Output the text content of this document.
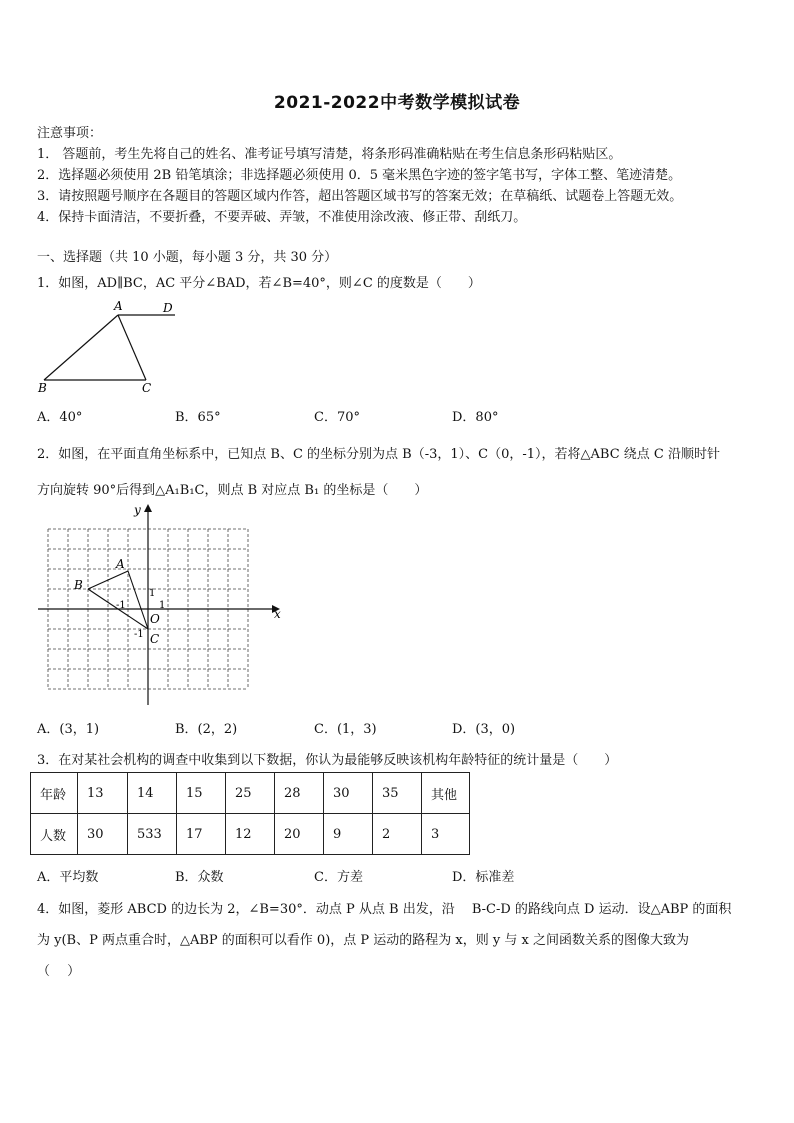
2021-2022中考数学模拟试卷
注意事项：
1． 答题前，考生先将自己的姓名、准考证号填写清楚，将条形码准确粘贴在考生信息条形码粘贴区。
2．选择题必须使用 2B 铅笔填涂；非选择题必须使用 0．5 毫米黑色字迹的签字笔书写，字体工整、笔迹清楚。
3．请按照题号顺序在各题目的答题区域内作答，超出答题区域书写的答案无效；在草稿纸、试题卷上答题无效。
4．保持卡面清洁，不要折叠，不要弄破、弄皱，不准使用涂改液、修正带、刮纸刀。
一、选择题（共 10 小题，每小题 3 分，共 30 分）
1．如图，AD∥BC，AC 平分∠BAD，若∠B=40°，则∠C 的度数是（　　）
A	D
B	C
A．40°	B．65°	C．70°	D．80°
2．如图，在平面直角坐标系中，已知点 B、C 的坐标分别为点 B（-3，1）、C（0，-1），若将△ABC 绕点 C 沿顺时针
方向旋转 90°后得到△A₁B₁C，则点 B 对应点 B₁ 的坐标是（　　）
x
y
O
A
B
C
-1	1
1
-1
A．(3，1)	B．(2，2)	C．(1，3)	D．(3，0)
3．在对某社会机构的调查中收集到以下数据，你认为最能够反映该机构年龄特征的统计量是（　　）
年龄	13	14	15	25	28	30	35	其他
人数	30	533	17	12	20	9	2	3
A．平均数	B．众数	C．方差	D．标准差
4．如图，菱形 ABCD 的边长为 2，∠B=30°．动点 P 从点 B 出发，沿　 B-C-D 的路线向点 D 运动．设△ABP 的面积
为 y(B、P 两点重合时，△ABP 的面积可以看作 0)，点 P 运动的路程为 x，则 y 与 x 之间函数关系的图像大致为
（　 ）
